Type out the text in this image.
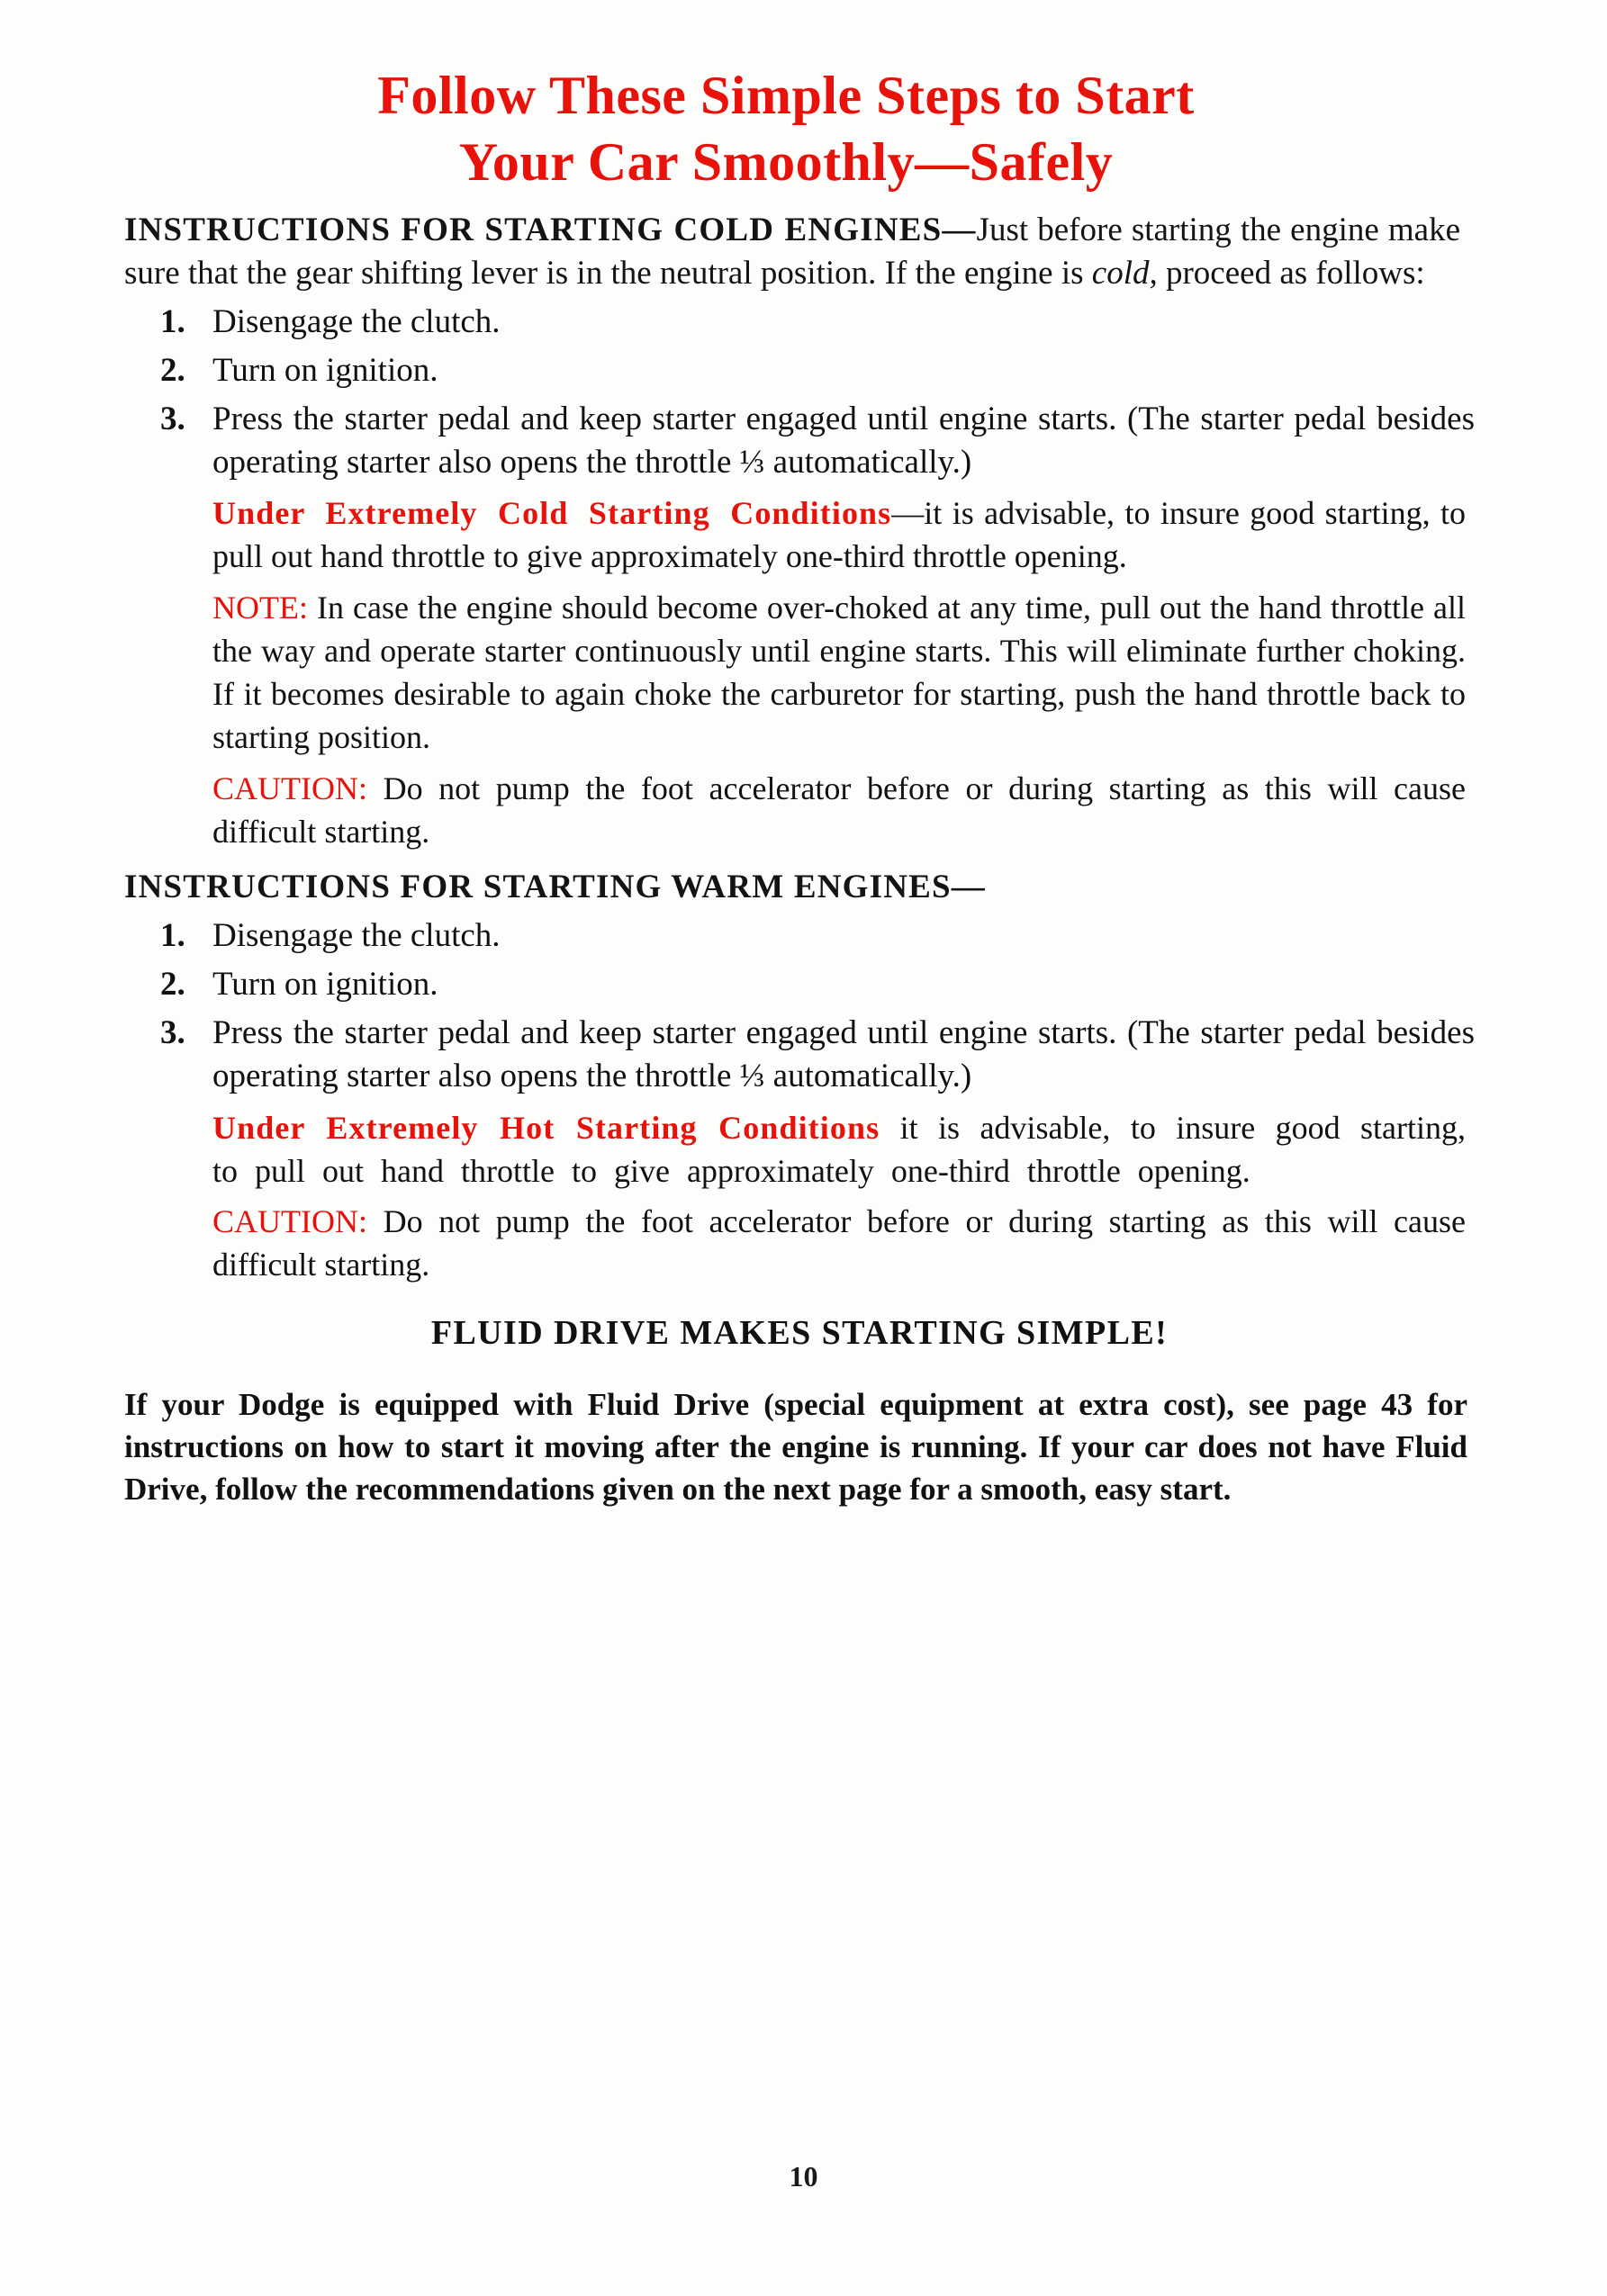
Follow These Simple Steps to Start
Your Car Smoothly—Safely

INSTRUCTIONS FOR STARTING COLD ENGINES—Just before starting the engine make sure that the gear shifting lever is in the neutral position. If the engine is cold, proceed as follows:

1. Disengage the clutch.
2. Turn on ignition.
3. Press the starter pedal and keep starter engaged until engine starts. (The starter pedal besides operating starter also opens the throttle ⅓ automatically.)
Under Extremely Cold Starting Conditions—it is advisable, to insure good starting, to pull out hand throttle to give approximately one-third throttle opening.
NOTE: In case the engine should become over-choked at any time, pull out the hand throttle all the way and operate starter continuously until engine starts. This will eliminate further choking. If it becomes desirable to again choke the carburetor for starting, push the hand throttle back to starting position.
CAUTION: Do not pump the foot accelerator before or during starting as this will cause difficult starting.

INSTRUCTIONS FOR STARTING WARM ENGINES—

1. Disengage the clutch.
2. Turn on ignition.
3. Press the starter pedal and keep starter engaged until engine starts. (The starter pedal besides operating starter also opens the throttle ⅓ automatically.)
Under Extremely Hot Starting Conditions it is advisable, to insure good starting, to pull out hand throttle to give approximately one-third throttle opening.
CAUTION: Do not pump the foot accelerator before or during starting as this will cause difficult starting.

FLUID DRIVE MAKES STARTING SIMPLE!

If your Dodge is equipped with Fluid Drive (special equipment at extra cost), see page 43 for instructions on how to start it moving after the engine is running. If your car does not have Fluid Drive, follow the recommendations given on the next page for a smooth, easy start.

10
